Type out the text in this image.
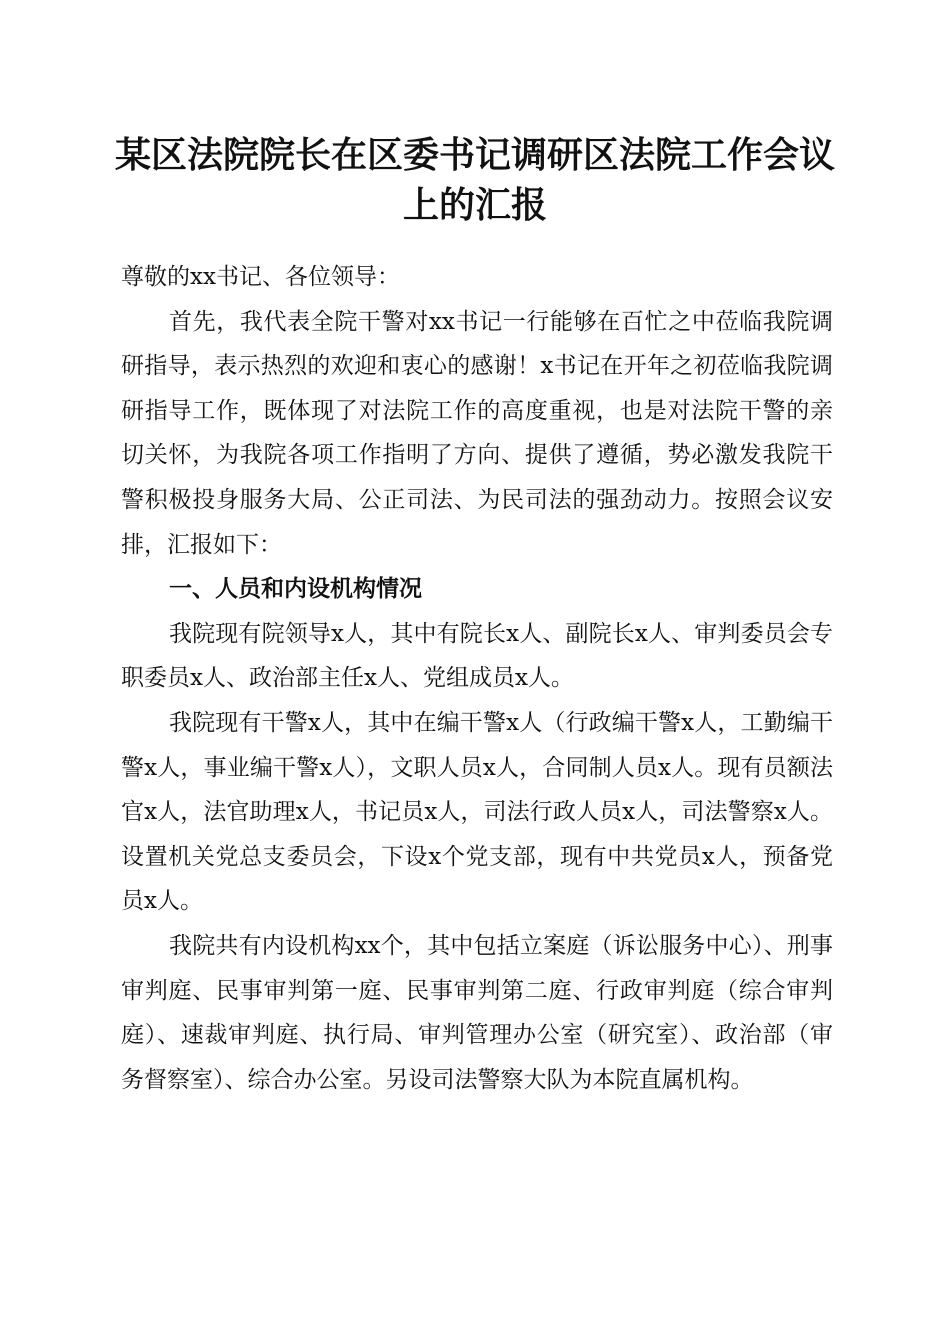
某区法院院长在区委书记调研区法院工作会议
上的汇报

尊敬的xx书记、各位领导：

首先，我代表全院干警对xx书记一行能够在百忙之中莅临我院调研指导，表示热烈的欢迎和衷心的感谢！x书记在开年之初莅临我院调研指导工作，既体现了对法院工作的高度重视，也是对法院干警的亲切关怀，为我院各项工作指明了方向、提供了遵循，势必激发我院干警积极投身服务大局、公正司法、为民司法的强劲动力。按照会议安排，汇报如下：

一、人员和内设机构情况

我院现有院领导x人，其中有院长x人、副院长x人、审判委员会专职委员x人、政治部主任x人、党组成员x人。

我院现有干警x人，其中在编干警x人（行政编干警x人，工勤编干警x人，事业编干警x人），文职人员x人，合同制人员x人。现有员额法官x人，法官助理x人，书记员x人，司法行政人员x人，司法警察x人。设置机关党总支委员会，下设x个党支部，现有中共党员x人，预备党员x人。

我院共有内设机构xx个，其中包括立案庭（诉讼服务中心）、刑事审判庭、民事审判第一庭、民事审判第二庭、行政审判庭（综合审判庭）、速裁审判庭、执行局、审判管理办公室（研究室）、政治部（审务督察室）、综合办公室。另设司法警察大队为本院直属机构。
